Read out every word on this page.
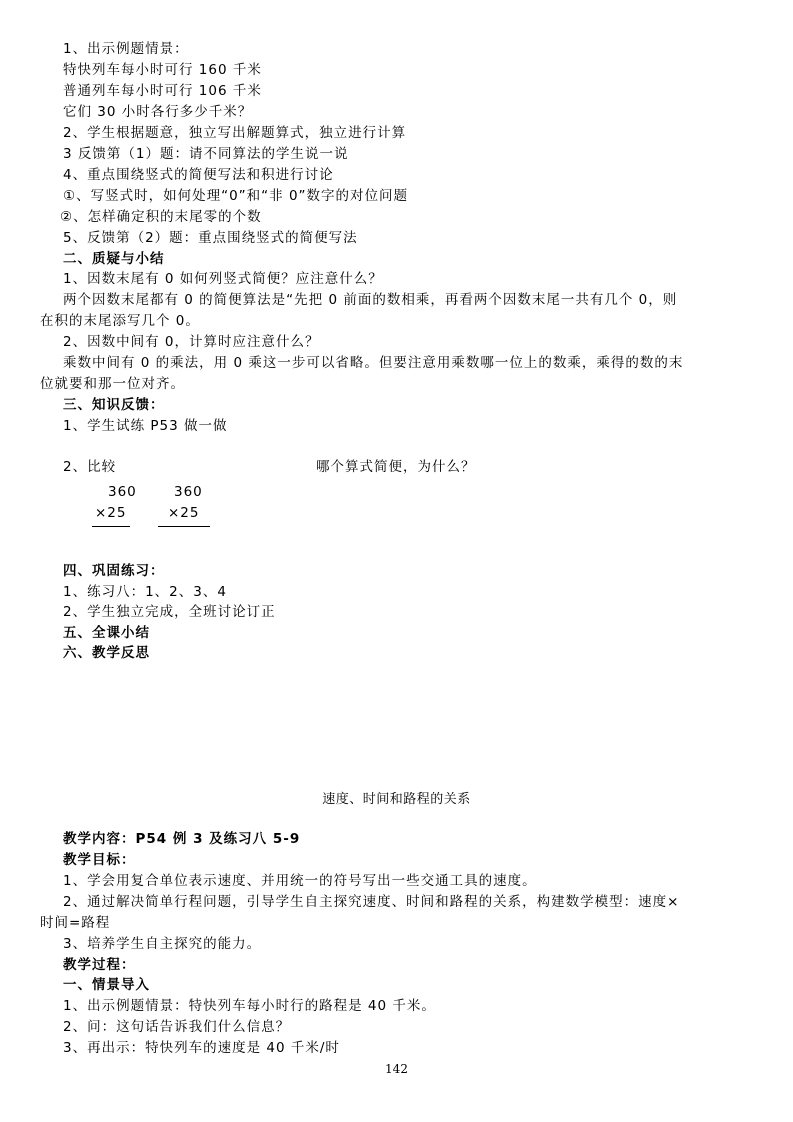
1、出示例题情景：
特快列车每小时可行 160 千米
普通列车每小时可行 106 千米
它们 30 小时各行多少千米？
2、学生根据题意，独立写出解题算式，独立进行计算
3 反馈第（1）题：请不同算法的学生说一说
4、重点围绕竖式的简便写法和积进行讨论
①、写竖式时，如何处理“0”和“非 0”数字的对位问题
②、怎样确定积的末尾零的个数
5、反馈第（2）题：重点围绕竖式的简便写法
二、质疑与小结
1、因数末尾有 0 如何列竖式简便？应注意什么？
两个因数末尾都有 0 的简便算法是“先把 0 前面的数相乘，再看两个因数末尾一共有几个 0，则
在积的末尾添写几个 0。
2、因数中间有 0，计算时应注意什么？
乘数中间有 0 的乘法，用 0 乘这一步可以省略。但要注意用乘数哪一位上的数乘，乘得的数的末
位就要和那一位对齐。
三、知识反馈：
1、学生试练 P53 做一做
2、比较	哪个算式简便，为什么？
360
×25
360
×25
四、巩固练习：
1、练习八：1、2、3、4
2、学生独立完成，全班讨论订正
五、全课小结
六、教学反思
速度、时间和路程的关系
教学内容：P54 例 3 及练习八 5-9
教学目标：
1、学会用复合单位表示速度、并用统一的符号写出一些交通工具的速度。
2、通过解决简单行程问题，引导学生自主探究速度、时间和路程的关系，构建数学模型：速度×
时间=路程
3、培养学生自主探究的能力。
教学过程：
一、情景导入
1、出示例题情景：特快列车每小时行的路程是 40 千米。
2、问：这句话告诉我们什么信息？
3、再出示：特快列车的速度是 40 千米/时
142
